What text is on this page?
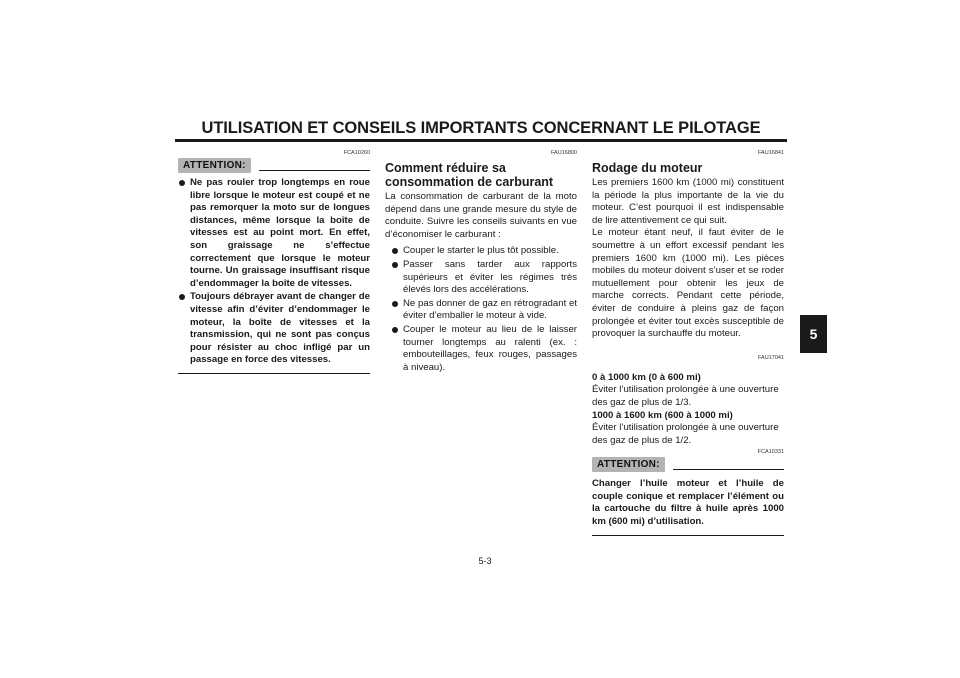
UTILISATION ET CONSEILS IMPORTANTS CONCERNANT LE PILOTAGE
5
FCA10260
ATTENTION:
Ne pas rouler trop longtemps en roue libre lorsque le moteur est coupé et ne pas remorquer la moto sur de longues distances, même lorsque la boîte de vitesses est au point mort. En effet, son graissage ne s’effectue correctement que lorsque le moteur tourne. Un graissage insuffisant risque d’endommager la boîte de vitesses.
Toujours débrayer avant de changer de vitesse afin d’éviter d’endommager le moteur, la boîte de vitesses et la transmission, qui ne sont pas conçus pour résister au choc infligé par un passage en force des vitesses.
FAU16800
Comment réduire sa consommation de carburant

La consommation de carburant de la moto dépend dans une grande mesure du style de conduite. Suivre les conseils suivants en vue d’économiser le carburant :

Couper le starter le plus tôt possible.
Passer sans tarder aux rapports supérieurs et éviter les régimes très élevés lors des accélérations.
Ne pas donner de gaz en rétrogradant et éviter d’emballer le moteur à vide.
Couper le moteur au lieu de le laisser tourner longtemps au ralenti (ex. : embouteillages, feux rouges, passages à niveau).
FAU16841
Rodage du moteur

Les premiers 1600 km (1000 mi) constituent la période la plus importante de la vie du moteur. C’est pourquoi il est indispensable de lire attentivement ce qui suit.

Le moteur étant neuf, il faut éviter de le soumettre à un effort excessif pendant les premiers 1600 km (1000 mi). Les pièces mobiles du moteur doivent s’user et se roder mutuellement pour obtenir les jeux de marche corrects. Pendant cette période, éviter de conduire à pleins gaz de façon prolongée et éviter tout excès susceptible de provoquer la surchauffe du moteur.

FAU17041

0 à 1000 km (0 à 600 mi)

Éviter l’utilisation prolongée à une ouverture des gaz de plus de 1/3.

1000 à 1600 km (600 à 1000 mi)

Éviter l’utilisation prolongée à une ouverture des gaz de plus de 1/2.

FCA10331
ATTENTION:

Changer l’huile moteur et l’huile de couple conique et remplacer l’élément ou la cartouche du filtre à huile après 1000 km (600 mi) d’utilisation.

5-3
